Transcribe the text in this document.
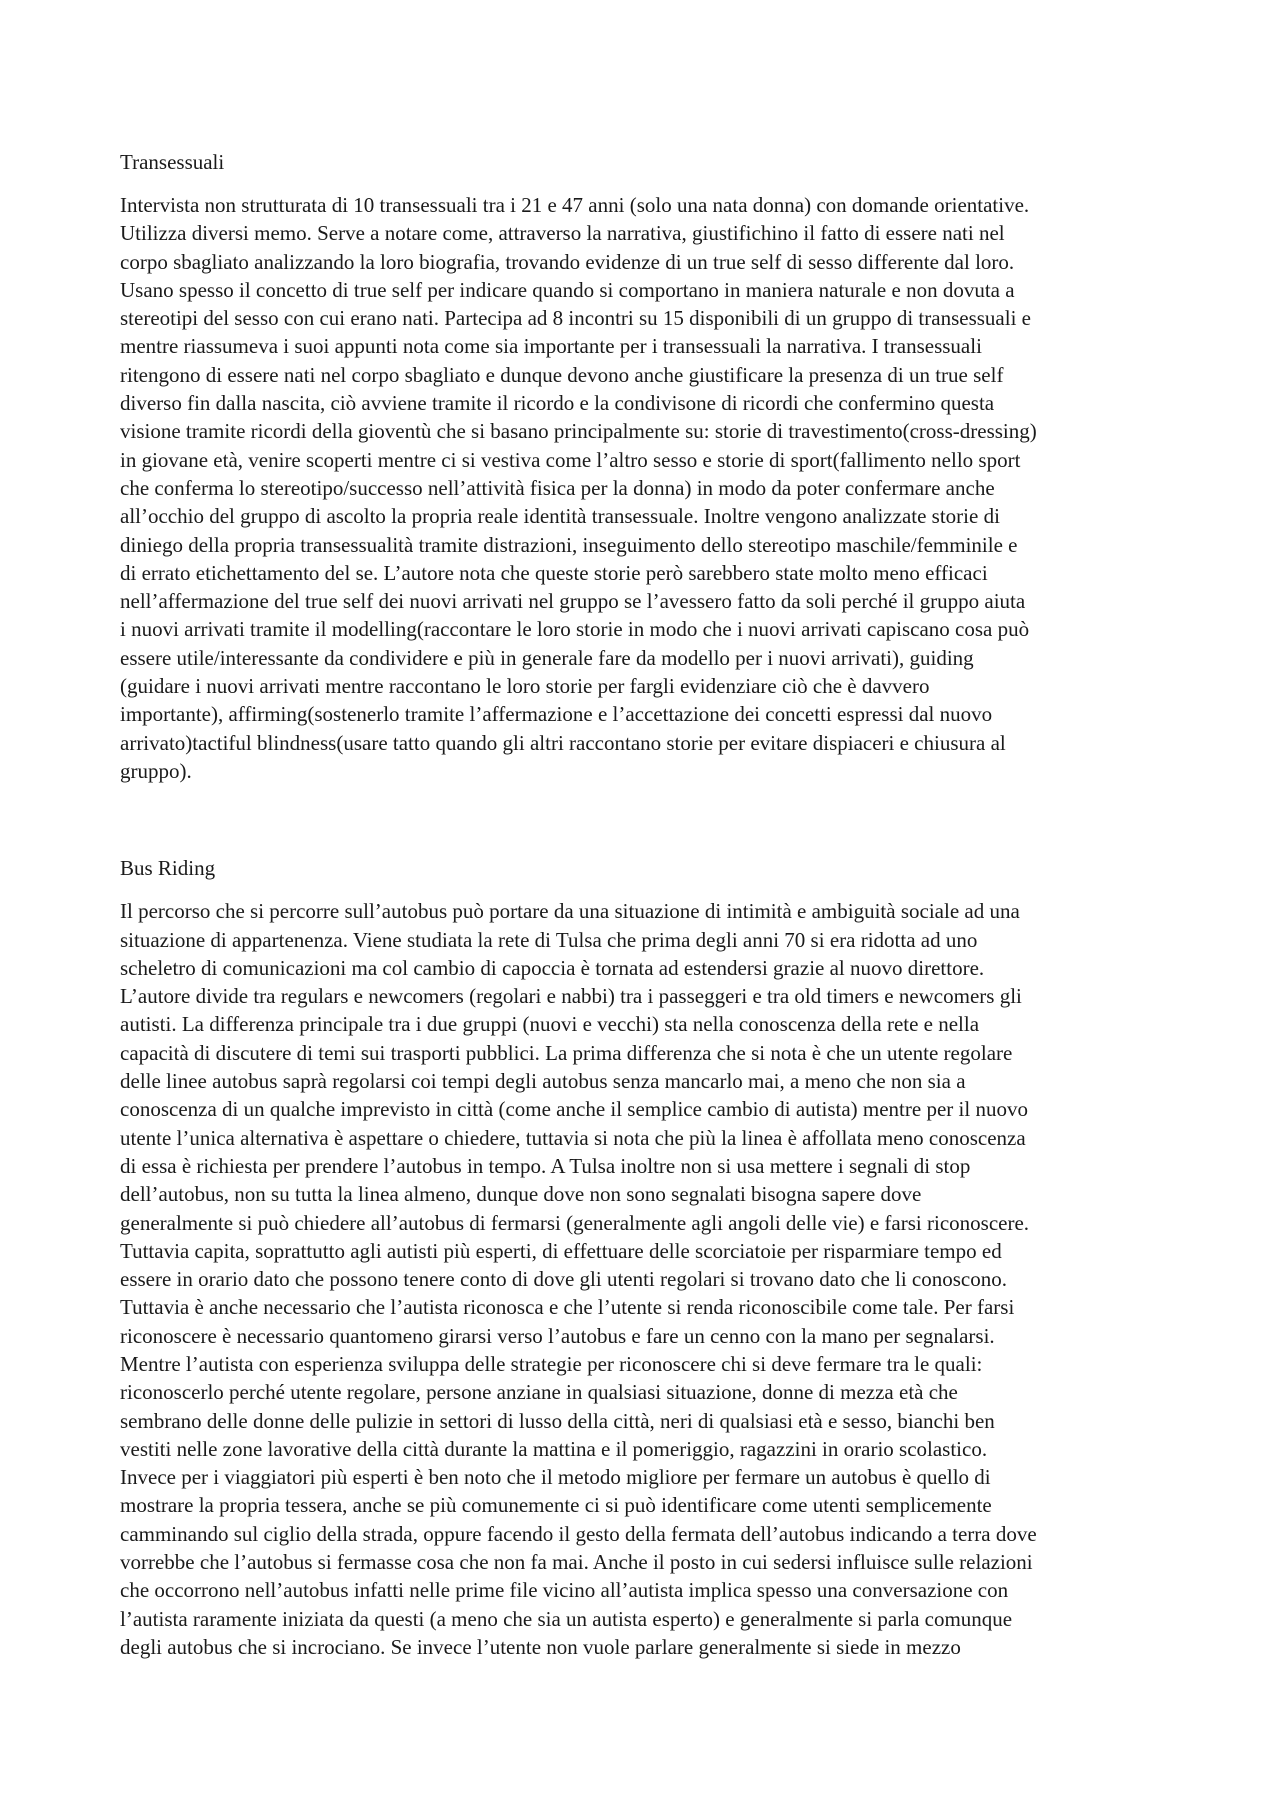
Transessuali
Intervista non strutturata di 10 transessuali tra i 21 e 47 anni (solo una nata donna) con domande orientative.
Utilizza diversi memo. Serve a notare come, attraverso la narrativa, giustifichino il fatto di essere nati nel
corpo sbagliato analizzando la loro biografia, trovando evidenze di un true self di sesso differente dal loro.
Usano spesso il concetto di true self per indicare quando si comportano in maniera naturale e non dovuta a
stereotipi del sesso con cui erano nati. Partecipa ad 8 incontri su 15 disponibili di un gruppo di transessuali e
mentre riassumeva i suoi appunti nota come sia importante per i transessuali la narrativa. I transessuali
ritengono di essere nati nel corpo sbagliato e dunque devono anche giustificare la presenza di un true self
diverso fin dalla nascita, ciò avviene tramite il ricordo e la condivisone di ricordi che confermino questa
visione tramite ricordi della gioventù che si basano principalmente su: storie di travestimento(cross-dressing)
in giovane età, venire scoperti mentre ci si vestiva come l’altro sesso e storie di sport(fallimento nello sport
che conferma lo stereotipo/successo nell’attività fisica per la donna) in modo da poter confermare anche
all’occhio del gruppo di ascolto la propria reale identità transessuale. Inoltre vengono analizzate storie di
diniego della propria transessualità tramite distrazioni, inseguimento dello stereotipo maschile/femminile e
di errato etichettamento del se. L’autore nota che queste storie però sarebbero state molto meno efficaci
nell’affermazione del true self dei nuovi arrivati nel gruppo se l’avessero fatto da soli perché il gruppo aiuta
i nuovi arrivati tramite il modelling(raccontare le loro storie in modo che i nuovi arrivati capiscano cosa può
essere utile/interessante da condividere e più in generale fare da modello per i nuovi arrivati), guiding
(guidare i nuovi arrivati mentre raccontano le loro storie per fargli evidenziare ciò che è davvero
importante), affirming(sostenerlo tramite l’affermazione e l’accettazione dei concetti espressi dal nuovo
arrivato)tactiful blindness(usare tatto quando gli altri raccontano storie per evitare dispiaceri e chiusura al
gruppo).
Bus Riding
Il percorso che si percorre sull’autobus può portare da una situazione di intimità e ambiguità sociale ad una
situazione di appartenenza. Viene studiata la rete di Tulsa che prima degli anni 70 si era ridotta ad uno
scheletro di comunicazioni ma col cambio di capoccia è tornata ad estendersi grazie al nuovo direttore.
L’autore divide tra regulars e newcomers (regolari e nabbi) tra i passeggeri e tra old timers e newcomers gli
autisti. La differenza principale tra i due gruppi (nuovi e vecchi) sta nella conoscenza della rete e nella
capacità di discutere di temi sui trasporti pubblici. La prima differenza che si nota è che un utente regolare
delle linee autobus saprà regolarsi coi tempi degli autobus senza mancarlo mai, a meno che non sia a
conoscenza di un qualche imprevisto in città (come anche il semplice cambio di autista) mentre per il nuovo
utente l’unica alternativa è aspettare o chiedere, tuttavia si nota che più la linea è affollata meno conoscenza
di essa è richiesta per prendere l’autobus in tempo. A Tulsa inoltre non si usa mettere i segnali di stop
dell’autobus, non su tutta la linea almeno, dunque dove non sono segnalati bisogna sapere dove
generalmente si può chiedere all’autobus di fermarsi (generalmente agli angoli delle vie) e farsi riconoscere.
Tuttavia capita, soprattutto agli autisti più esperti, di effettuare delle scorciatoie per risparmiare tempo ed
essere in orario dato che possono tenere conto di dove gli utenti regolari si trovano dato che li conoscono.
Tuttavia è anche necessario che l’autista riconosca e che l’utente si renda riconoscibile come tale. Per farsi
riconoscere è necessario quantomeno girarsi verso l’autobus e fare un cenno con la mano per segnalarsi.
Mentre l’autista con esperienza sviluppa delle strategie per riconoscere chi si deve fermare tra le quali:
riconoscerlo perché utente regolare, persone anziane in qualsiasi situazione, donne di mezza età che
sembrano delle donne delle pulizie in settori di lusso della città, neri di qualsiasi età e sesso, bianchi ben
vestiti nelle zone lavorative della città durante la mattina e il pomeriggio, ragazzini in orario scolastico.
Invece per i viaggiatori più esperti è ben noto che il metodo migliore per fermare un autobus è quello di
mostrare la propria tessera, anche se più comunemente ci si può identificare come utenti semplicemente
camminando sul ciglio della strada, oppure facendo il gesto della fermata dell’autobus indicando a terra dove
vorrebbe che l’autobus si fermasse cosa che non fa mai. Anche il posto in cui sedersi influisce sulle relazioni
che occorrono nell’autobus infatti nelle prime file vicino all’autista implica spesso una conversazione con
l’autista raramente iniziata da questi (a meno che sia un autista esperto) e generalmente si parla comunque
degli autobus che si incrociano. Se invece l’utente non vuole parlare generalmente si siede in mezzo
